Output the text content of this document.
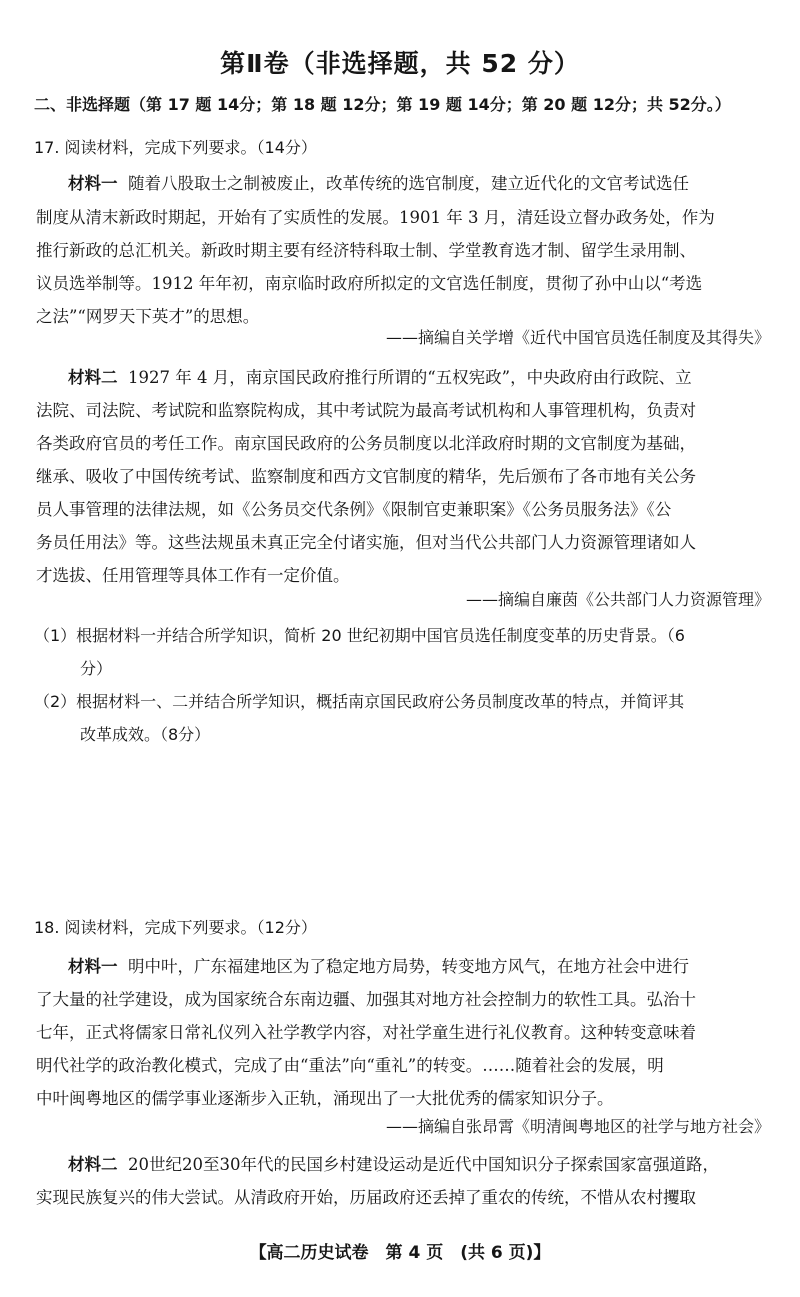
第Ⅱ卷（非选择题，共 52 分）
二、非选择题（第 17 题 14分；第 18 题 12分；第 19 题 14分；第 20 题 12分；共 52分。）
17. 阅读材料，完成下列要求。（14分）
材料一 随着八股取士之制被废止，改革传统的选官制度，建立近代化的文官考试选任
制度从清末新政时期起，开始有了实质性的发展。1901 年 3 月，清廷设立督办政务处，作为
推行新政的总汇机关。新政时期主要有经济特科取士制、学堂教育选才制、留学生录用制、
议员选举制等。1912 年年初，南京临时政府所拟定的文官选任制度，贯彻了孙中山以“考选
之法”“网罗天下英才”的思想。
——摘编自关学增《近代中国官员选任制度及其得失》
材料二 1927 年 4 月，南京国民政府推行所谓的“五权宪政”，中央政府由行政院、立
法院、司法院、考试院和监察院构成，其中考试院为最高考试机构和人事管理机构，负责对
各类政府官员的考任工作。南京国民政府的公务员制度以北洋政府时期的文官制度为基础，
继承、吸收了中国传统考试、监察制度和西方文官制度的精华，先后颁布了各市地有关公务
员人事管理的法律法规，如《公务员交代条例》《限制官吏兼职案》《公务员服务法》《公
务员任用法》等。这些法规虽未真正完全付诸实施，但对当代公共部门人力资源管理诸如人
才选拔、任用管理等具体工作有一定价值。
——摘编自廉茵《公共部门人力资源管理》
（1）根据材料一并结合所学知识，简析 20 世纪初期中国官员选任制度变革的历史背景。（6
分）
（2）根据材料一、二并结合所学知识，概括南京国民政府公务员制度改革的特点，并简评其
改革成效。（8分）
18. 阅读材料，完成下列要求。（12分）
材料一 明中叶，广东福建地区为了稳定地方局势，转变地方风气，在地方社会中进行
了大量的社学建设，成为国家统合东南边疆、加强其对地方社会控制力的软性工具。弘治十
七年，正式将儒家日常礼仪列入社学教学内容，对社学童生进行礼仪教育。这种转变意味着
明代社学的政治教化模式，完成了由“重法”向“重礼”的转变。……随着社会的发展，明
中叶闽粤地区的儒学事业逐渐步入正轨，涌现出了一大批优秀的儒家知识分子。
——摘编自张昂霄《明清闽粤地区的社学与地方社会》
材料二 20世纪20至30年代的民国乡村建设运动是近代中国知识分子探索国家富强道路，
实现民族复兴的伟大尝试。从清政府开始，历届政府还丢掉了重农的传统，不惜从农村攫取
【高二历史试卷　第 4 页　(共 6 页)】
